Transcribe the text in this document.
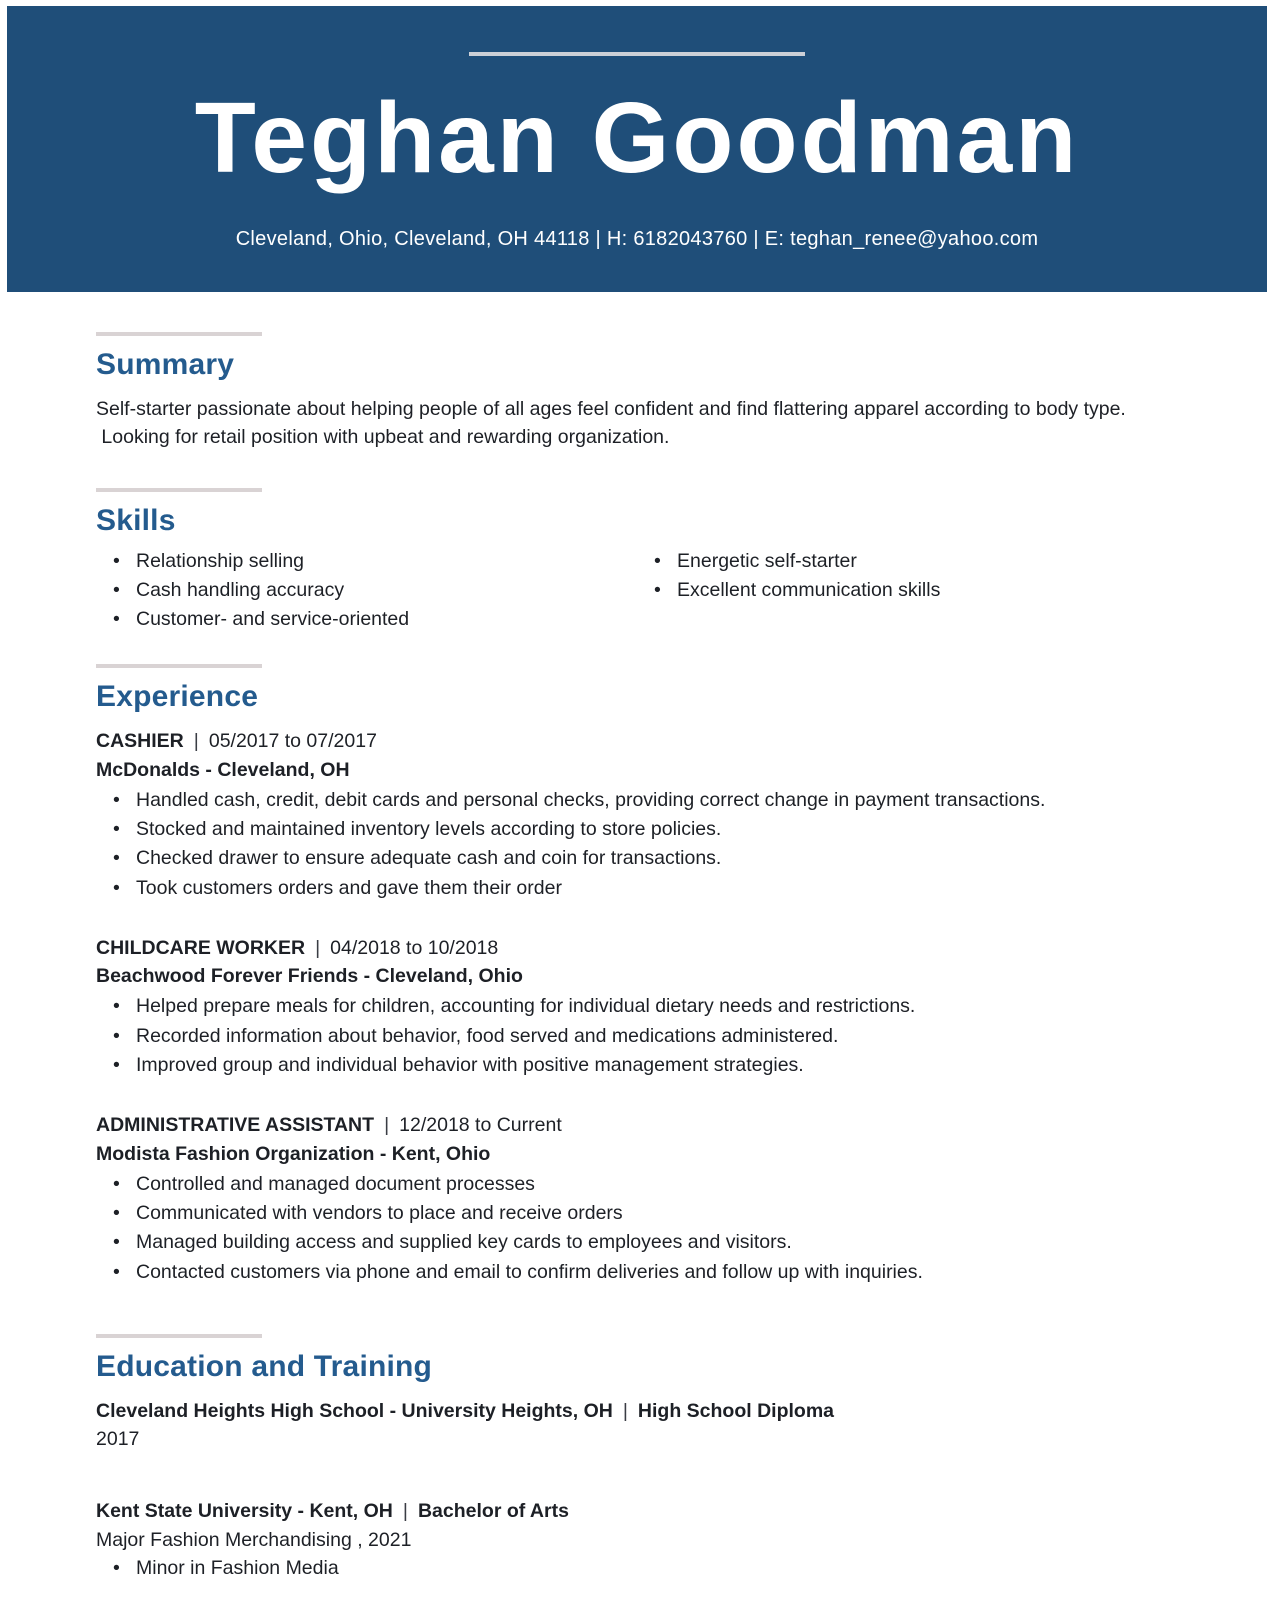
Teghan Goodman
Cleveland, Ohio, Cleveland, OH 44118 | H: 6182043760 | E: teghan_renee@yahoo.com
Summary
Self-starter passionate about helping people of all ages feel confident and find flattering apparel according to body type.
Looking for retail position with upbeat and rewarding organization.
Skills
• Relationship selling
• Cash handling accuracy
• Customer- and service-oriented
• Energetic self-starter
• Excellent communication skills
Experience
CASHIER | 05/2017 to 07/2017
McDonalds - Cleveland, OH
• Handled cash, credit, debit cards and personal checks, providing correct change in payment transactions.
• Stocked and maintained inventory levels according to store policies.
• Checked drawer to ensure adequate cash and coin for transactions.
• Took customers orders and gave them their order
CHILDCARE WORKER | 04/2018 to 10/2018
Beachwood Forever Friends - Cleveland, Ohio
• Helped prepare meals for children, accounting for individual dietary needs and restrictions.
• Recorded information about behavior, food served and medications administered.
• Improved group and individual behavior with positive management strategies.
ADMINISTRATIVE ASSISTANT | 12/2018 to Current
Modista Fashion Organization - Kent, Ohio
• Controlled and managed document processes
• Communicated with vendors to place and receive orders
• Managed building access and supplied key cards to employees and visitors.
• Contacted customers via phone and email to confirm deliveries and follow up with inquiries.
Education and Training
Cleveland Heights High School - University Heights, OH | High School Diploma
2017
Kent State University - Kent, OH | Bachelor of Arts
Major Fashion Merchandising , 2021
• Minor in Fashion Media
